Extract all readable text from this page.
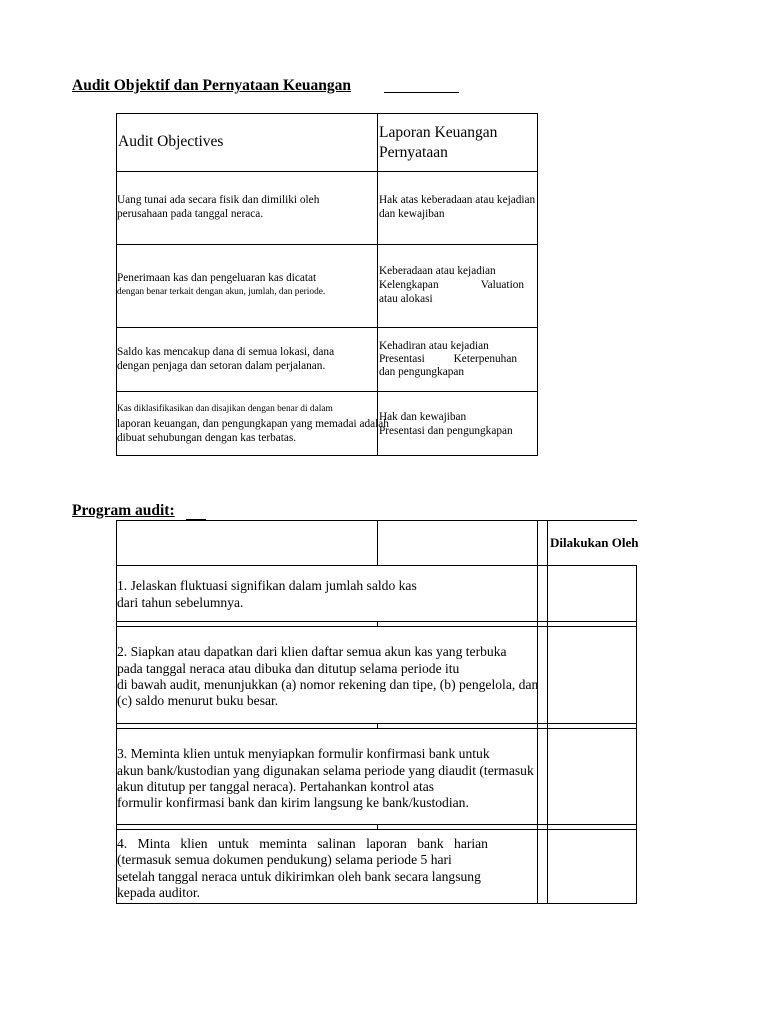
Audit Objektif dan Pernyataan Keuangan
Audit Objectives
Laporan Keuangan
Pernyataan
Uang tunai ada secara fisik dan dimiliki oleh
perusahaan pada tanggal neraca.
Hak atas keberadaan atau kejadian
dan kewajiban
Penerimaan kas dan pengeluaran kas dicatat
dengan benar terkait dengan akun, jumlah, dan periode.
Keberadaan atau kejadian
Kelengkapan	Valuation
atau alokasi
Saldo kas mencakup dana di semua lokasi, dana
dengan penjaga dan setoran dalam perjalanan.
Kehadiran atau kejadian
Presentasi	Keterpenuhan
dan pengungkapan
Kas diklasifikasikan dan disajikan dengan benar di dalam
laporan keuangan, dan pengungkapan yang memadai adalah
dibuat sehubungan dengan kas terbatas.
Hak dan kewajiban
Presentasi dan pengungkapan
Program audit:
Dilakukan Oleh
1. Jelaskan fluktuasi signifikan dalam jumlah saldo kas
dari tahun sebelumnya.
2. Siapkan atau dapatkan dari klien daftar semua akun kas yang terbuka
pada tanggal neraca atau dibuka dan ditutup selama periode itu
di bawah audit, menunjukkan (a) nomor rekening dan tipe, (b) pengelola, dan
(c) saldo menurut buku besar.
3. Meminta klien untuk menyiapkan formulir konfirmasi bank untuk
akun bank/kustodian yang digunakan selama periode yang diaudit (termasuk
akun ditutup per tanggal neraca). Pertahankan kontrol atas
formulir konfirmasi bank dan kirim langsung ke bank/kustodian.
4. Minta klien untuk meminta salinan laporan bank harian
(termasuk semua dokumen pendukung) selama periode 5 hari
setelah tanggal neraca untuk dikirimkan oleh bank secara langsung
kepada auditor.
